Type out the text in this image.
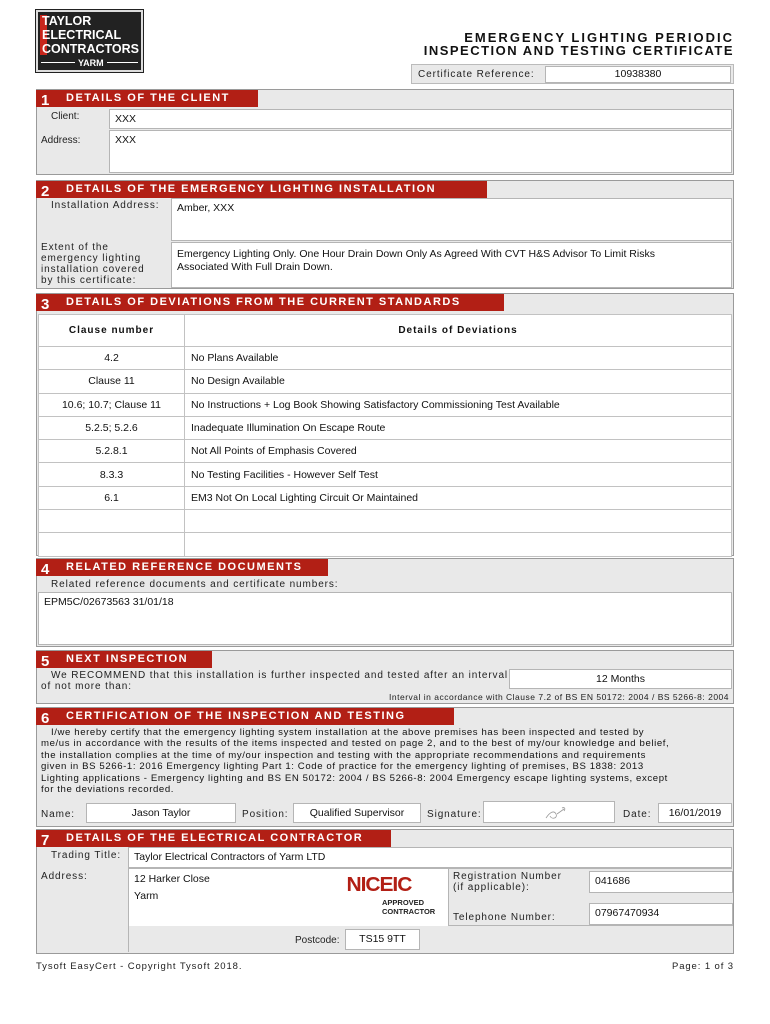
TAYLOR
ELECTRICAL
CONTRACTORS
YARM
EMERGENCY LIGHTING PERIODIC
INSPECTION AND TESTING CERTIFICATE
Certificate Reference:	10938380
DETAILS OF THE CLIENT
1
Client:	XXX
Address:	XXX
DETAILS OF THE EMERGENCY LIGHTING INSTALLATION
2
Installation Address:	Amber, XXX
Extent of the
emergency lighting
installation covered
by this certificate:
Emergency Lighting Only. One Hour Drain Down Only As Agreed With CVT H&S Advisor To Limit Risks
Associated With Full Drain Down.
DETAILS OF DEVIATIONS FROM THE CURRENT STANDARDS
3
Clause number	Details of Deviations
4.2	No Plans Available
Clause 11	No Design Available
10.6; 10.7; Clause 11	No Instructions + Log Book Showing Satisfactory Commissioning Test Available
5.2.5; 5.2.6	Inadequate Illumination On Escape Route
5.2.8.1	Not All Points of Emphasis Covered
8.3.3	No Testing Facilities - However Self Test
6.1	EM3 Not On Local Lighting Circuit Or Maintained

RELATED REFERENCE DOCUMENTS
4
Related reference documents and certificate numbers:
EPM5C/02673563 31/01/18
NEXT INSPECTION
5
We RECOMMEND that this installation is further inspected and tested after an interval
of not more than:
12 Months
Interval in accordance with Clause 7.2 of BS EN 50172: 2004 / BS 5266-8: 2004
CERTIFICATION OF THE INSPECTION AND TESTING
6
I/we hereby certify that the emergency lighting system installation at the above premises has been inspected and tested by
me/us in accordance with the results of the items inspected and tested on page 2, and to the best of my/our knowledge and belief,
the installation complies at the time of my/our inspection and testing with the appropriate recommendations and requirements
given in BS 5266-1: 2016 Emergency lighting Part 1: Code of practice for the emergency lighting of premises, BS 1838: 2013
Lighting applications - Emergency lighting and BS EN 50172: 2004 / BS 5266-8: 2004 Emergency escape lighting systems, except
for the deviations recorded.
Name:	Jason Taylor	Position:	Qualified Supervisor	Signature:	Date:	16/01/2019
DETAILS OF THE ELECTRICAL CONTRACTOR
7
Trading Title:	Taylor Electrical Contractors of Yarm LTD
Address:	12 Harker Close
Yarm	NICEIC
APPROVED
CONTRACTOR
Registration Number
(if applicable):
041686
Telephone Number:	07967470934
Postcode:	TS15 9TT
Tysoft EasyCert - Copyright Tysoft 2018.	Page: 1 of 3
